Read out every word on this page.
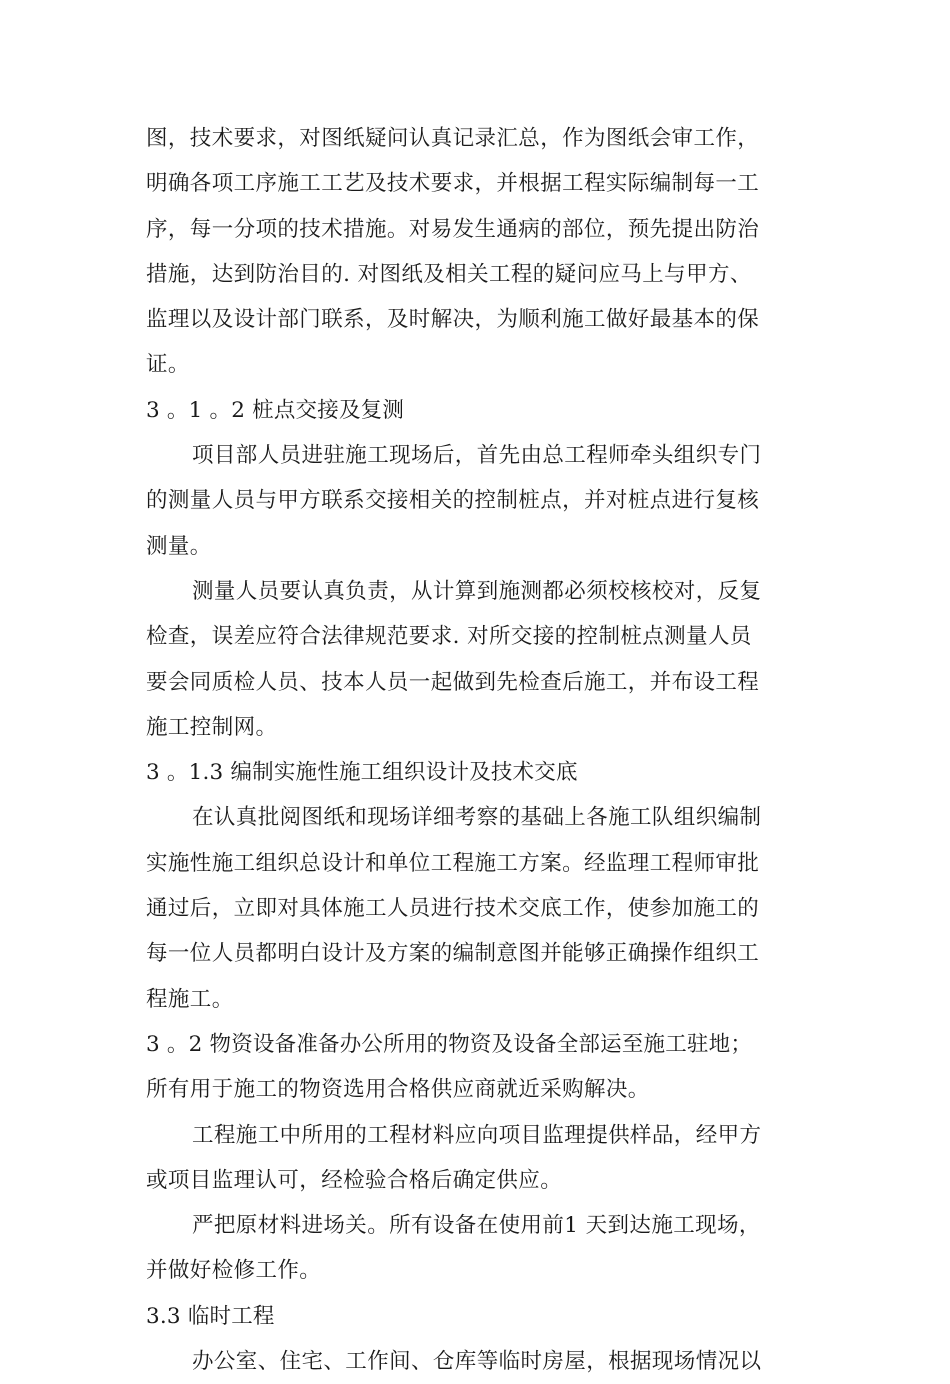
图，技术要求，对图纸疑问认真记录汇总，作为图纸会审工作，
明确各项工序施工工艺及技术要求，并根据工程实际编制每一工
序，每一分项的技术措施。对易发生通病的部位，预先提出防治
措施，达到防治目的. 对图纸及相关工程的疑问应马上与甲方、
监理以及设计部门联系，及时解决，为顺利施工做好最基本的保
证。
3 。1 。2 桩点交接及复测
项目部人员进驻施工现场后，首先由总工程师牵头组织专门
的测量人员与甲方联系交接相关的控制桩点，并对桩点进行复核
测量。
测量人员要认真负责，从计算到施测都必须校核校对，反复
检查，误差应符合法律规范要求. 对所交接的控制桩点测量人员
要会同质检人员、技本人员一起做到先检查后施工，并布设工程
施工控制网。
3 。1.3 编制实施性施工组织设计及技术交底
在认真批阅图纸和现场详细考察的基础上各施工队组织编制
实施性施工组织总设计和单位工程施工方案。经监理工程师审批
通过后，立即对具体施工人员进行技术交底工作，使参加施工的
每一位人员都明白设计及方案的编制意图并能够正确操作组织工
程施工。
3 。2 物资设备准备办公所用的物资及设备全部运至施工驻地；
所有用于施工的物资选用合格供应商就近采购解决。
工程施工中所用的工程材料应向项目监理提供样品，经甲方
或项目监理认可，经检验合格后确定供应。
严把原材料进场关。所有设备在使用前1 天到达施工现场，
并做好检修工作。
3.3 临时工程
办公室、住宅、工作间、仓库等临时房屋，根据现场情况以
